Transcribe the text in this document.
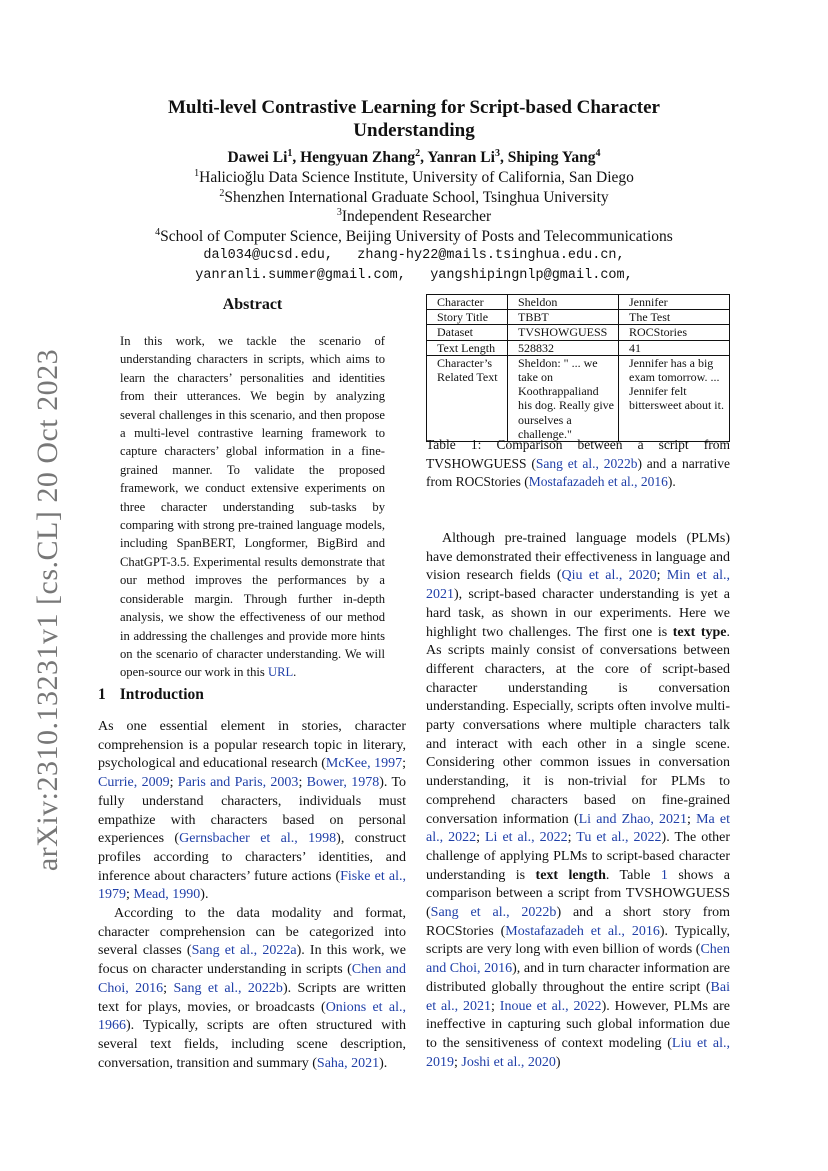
arXiv:2310.13231v1 [cs.CL] 20 Oct 2023
Multi-level Contrastive Learning for Script-based Character
Understanding
Dawei Li$^1$, Hengyuan Zhang$^2$, Yanran Li$^3$, Shiping Yang$^4$
$^1$Halicioğlu Data Science Institute, University of California, San Diego
$^2$Shenzhen International Graduate School, Tsinghua University
$^3$Independent Researcher
$^4$School of Computer Science, Beijing University of Posts and Telecommunications
dal034@ucsd.edu,   zhang-hy22@mails.tsinghua.edu.cn,
yanranli.summer@gmail.com,   yangshipingnlp@gmail.com,
Abstract
In this work, we tackle the scenario of understanding characters in scripts, which aims to learn the characters’ personalities and identities from their utterances. We begin by analyzing several challenges in this scenario, and then propose a multi-level contrastive learning framework to capture characters’ global information in a fine-grained manner. To validate the proposed framework, we conduct extensive experiments on three character understanding sub-tasks by comparing with strong pre-trained language models, including SpanBERT, Longformer, BigBird and ChatGPT-3.5. Experimental results demonstrate that our method improves the performances by a considerable margin. Through further in-depth analysis, we show the effectiveness of our method in addressing the challenges and provide more hints on the scenario of character understanding. We will open-source our work in this URL.
Character	Sheldon	Jennifer
Story Title	TBBT	The Test
Dataset	TVSHOWGUESS	ROCStories
Text Length	528832	41
Character’s Related Text	Sheldon: " ... we take on Koothrappaliand his dog. Really give ourselves a challenge."	Jennifer has a big exam tomorrow. ... Jennifer felt bittersweet about it.
Table 1: Comparison between a script from TVSHOWGUESS (Sang et al., 2022b) and a narrative from ROCStories (Mostafazadeh et al., 2016).
1 Introduction

As one essential element in stories, character comprehension is a popular research topic in literary, psychological and educational research (McKee, 1997; Currie, 2009; Paris and Paris, 2003; Bower, 1978). To fully understand characters, individuals must empathize with characters based on personal experiences (Gernsbacher et al., 1998), construct profiles according to characters’ identities, and inference about characters’ future actions (Fiske et al., 1979; Mead, 1990).

According to the data modality and format, character comprehension can be categorized into several classes (Sang et al., 2022a). In this work, we focus on character understanding in scripts (Chen and Choi, 2016; Sang et al., 2022b). Scripts are written text for plays, movies, or broadcasts (Onions et al., 1966). Typically, scripts are often structured with several text fields, including scene description, conversation, transition and summary (Saha, 2021).

Although pre-trained language models (PLMs) have demonstrated their effectiveness in language and vision research fields (Qiu et al., 2020; Min et al., 2021), script-based character understanding is yet a hard task, as shown in our experiments. Here we highlight two challenges. The first one is text type. As scripts mainly consist of conversations between different characters, at the core of script-based character understanding is conversation understanding. Especially, scripts often involve multi-party conversations where multiple characters talk and interact with each other in a single scene. Considering other common issues in conversation understanding, it is non-trivial for PLMs to comprehend characters based on fine-grained conversation information (Li and Zhao, 2021; Ma et al., 2022; Li et al., 2022; Tu et al., 2022). The other challenge of applying PLMs to script-based character understanding is text length. Table 1 shows a comparison between a script from TVSHOWGUESS (Sang et al., 2022b) and a short story from ROCStories (Mostafazadeh et al., 2016). Typically, scripts are very long with even billion of words (Chen and Choi, 2016), and in turn character information are distributed globally throughout the entire script (Bai et al., 2021; Inoue et al., 2022). However, PLMs are ineffective in capturing such global information due to the sensitiveness of context modeling (Liu et al., 2019; Joshi et al., 2020)
